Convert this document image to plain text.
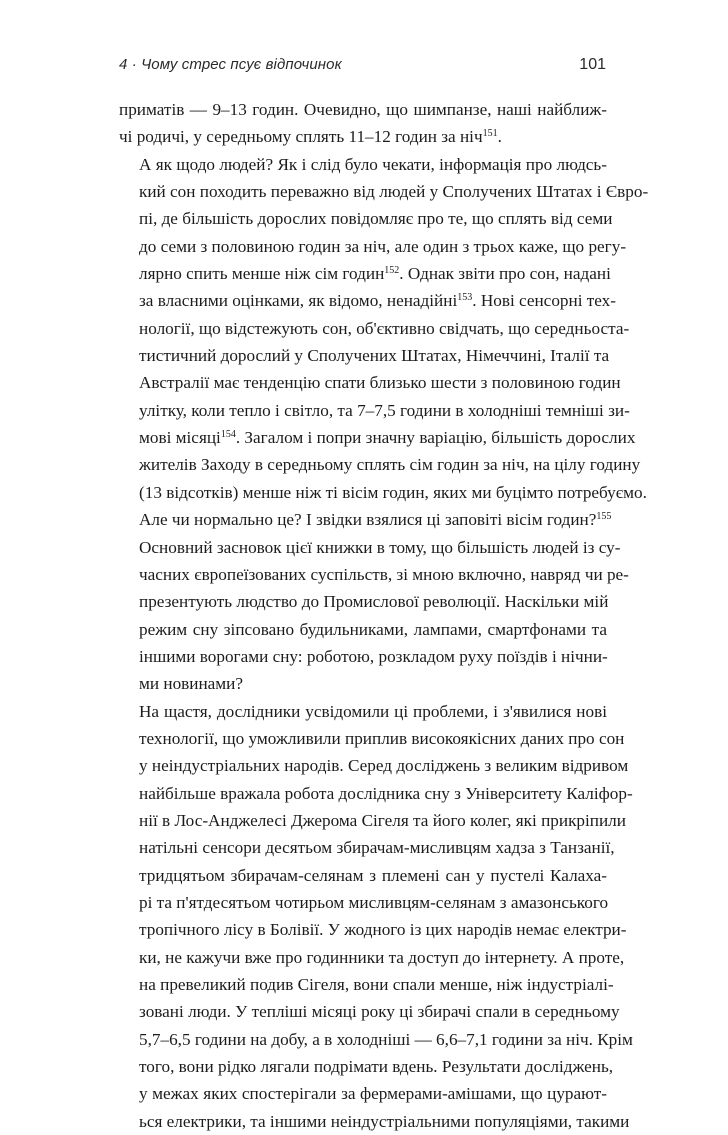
4 · Чому стрес псує відпочинок	101

приматів — 9–13 годин. Очевидно, що шимпанзе, наші найближ-
чі родичі, у середньому сплять 11–12 годин за ніч$^{151}$.

А як щодо людей? Як і слід було чекати, інформація про людсь-
кий сон походить переважно від людей у Сполучених Штатах і Євро-
пі, де більшість дорослих повідомляє про те, що сплять від семи
до семи з половиною годин за ніч, але один з трьох каже, що регу-
лярно спить менше ніж сім годин$^{152}$. Однак звіти про сон, надані
за власними оцінками, як відомо, ненадійні$^{153}$. Нові сенсорні тех-
нології, що відстежують сон, об'єктивно свідчать, що середньоста-
тистичний дорослий у Сполучених Штатах, Німеччині, Італії та
Австралії має тенденцію спати близько шести з половиною годин
улітку, коли тепло і світло, та 7–7,5 години в холодніші темніші зи-
мові місяці$^{154}$. Загалом і попри значну варіацію, більшість дорослих
жителів Заходу в середньому сплять сім годин за ніч, на цілу годину
(13 відсотків) менше ніж ті вісім годин, яких ми буцімто потребуємо.

Але чи нормально це? І звідки взялися ці заповіті вісім годин?$^{155}$
Основний засновок цієї книжки в тому, що більшість людей із су-
часних європеїзованих суспільств, зі мною включно, навряд чи ре-
презентують людство до Промислової революції. Наскільки мій
режим сну зіпсовано будильниками, лампами, смартфонами та
іншими ворогами сну: роботою, розкладом руху поїздів і нічни-
ми новинами?

На щастя, дослідники усвідомили ці проблеми, і з'явилися нові
технології, що уможливили приплив високоякісних даних про сон
у неіндустріальних народів. Серед досліджень з великим відривом
найбільше вражала робота дослідника сну з Університету Каліфор-
нії в Лос-Анджелесі Джерома Сігеля та його колег, які прикріпили
натільні сенсори десятьом збирачам-мисливцям хадза з Танзанії,
тридцятьом збирачам-селянам з племені сан у пустелі Калаха-
рі та п'ятдесятьом чотирьом мисливцям-селянам з амазонського
тропічного лісу в Болівії. У жодного із цих народів немає електри-
ки, не кажучи вже про годинники та доступ до інтернету. А проте,
на превеликий подив Сігеля, вони спали менше, ніж індустріалі-
зовані люди. У тепліші місяці року ці збирачі спали в середньому
5,7–6,5 години на добу, а в холодніші — 6,6–7,1 години за ніч. Крім
того, вони рідко лягали подрімати вдень. Результати досліджень,
у межах яких спостерігали за фермерами-амішами, що цурают-
ься електрики, та іншими неіндустріальними популяціями, такими
